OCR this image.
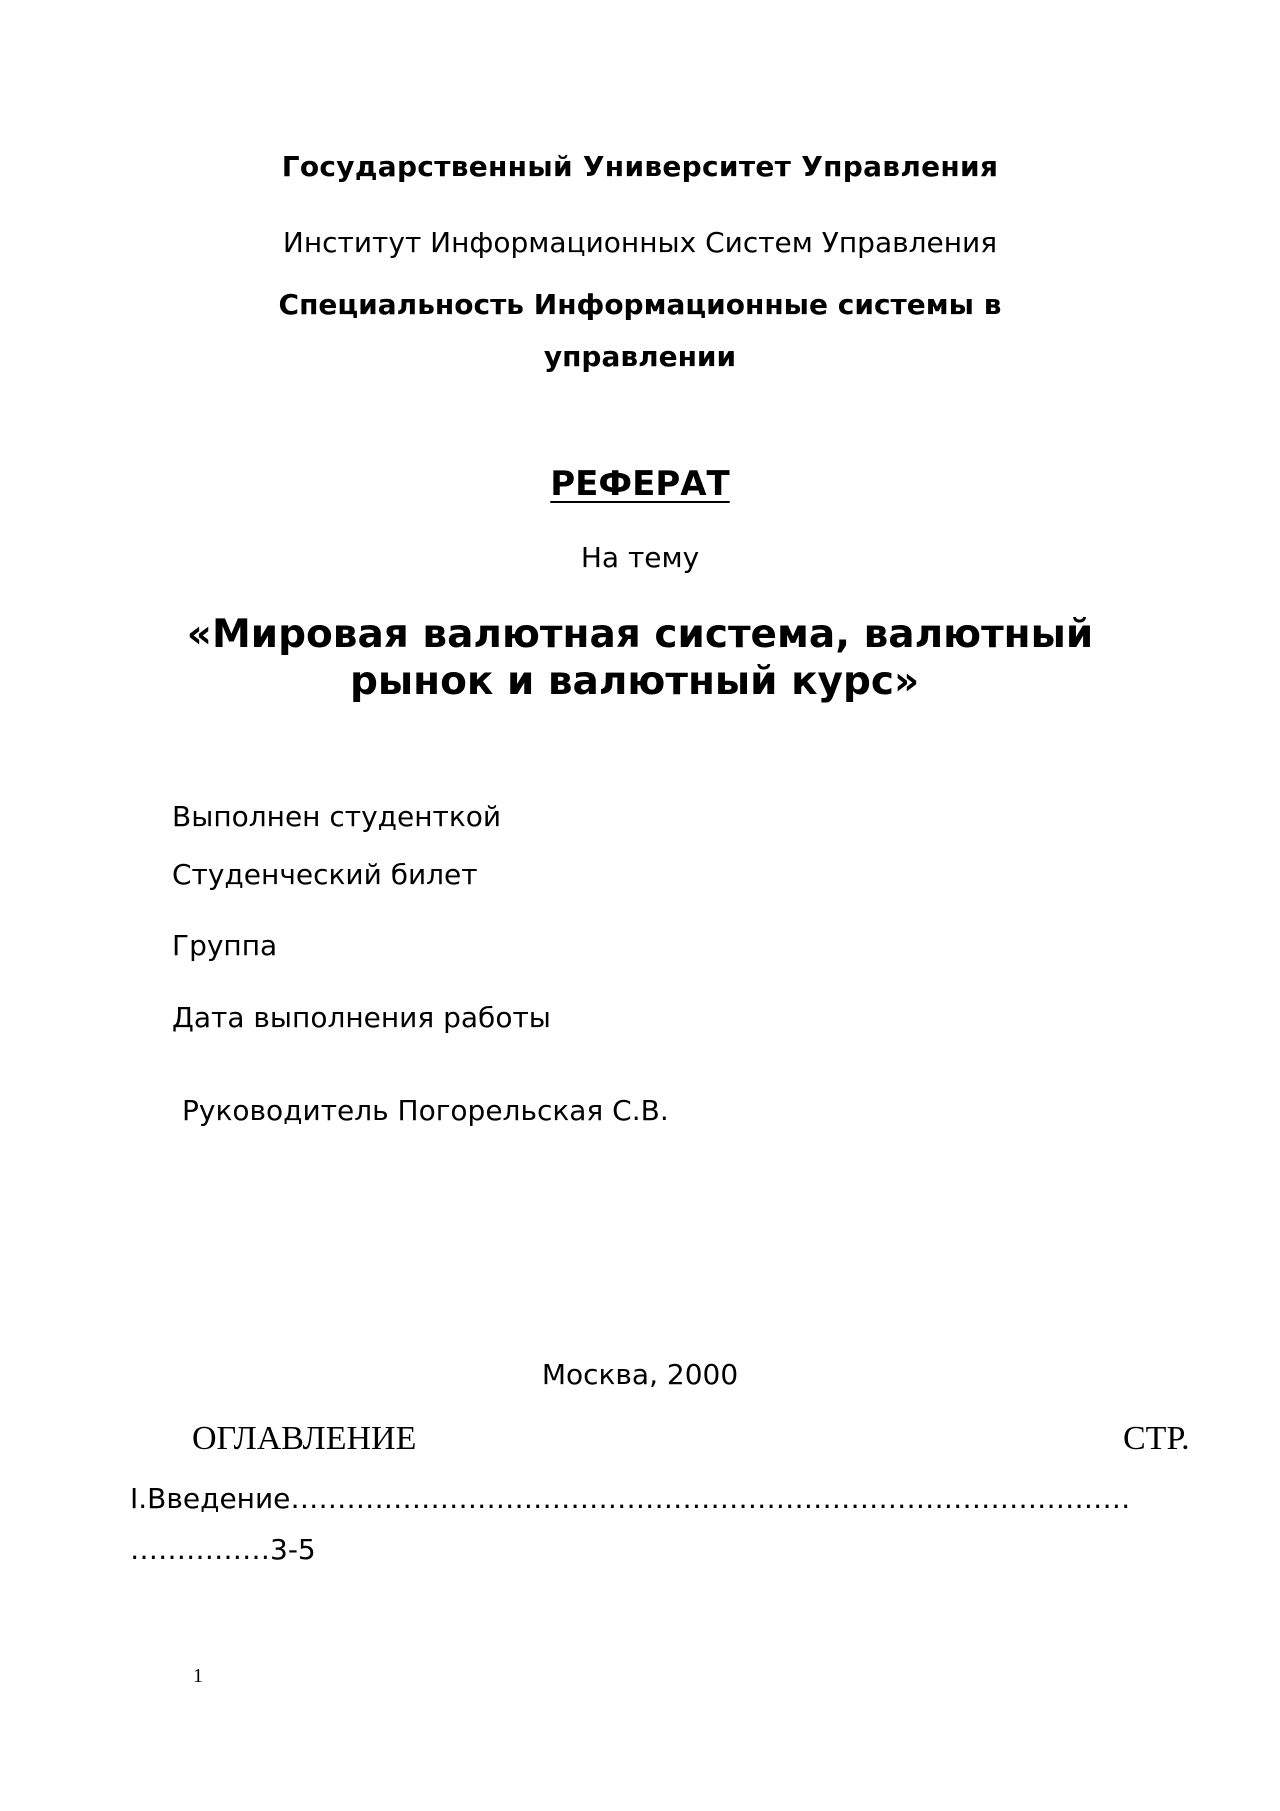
Государственный Университет Управления
Институт Информационных Систем Управления
Специальность Информационные системы в
управлении
РЕФЕРАТ
На тему
«Мировая валютная система, валютный
рынок и валютный курс»
Выполнен студенткой
Студенческий билет
Группа
Дата выполнения работы
Руководитель Погорельская С.В.
Москва, 2000
ОГЛАВЛЕНИЕ	СТР.
I.Введение………………………………………………………………………………
……………3-5
1
